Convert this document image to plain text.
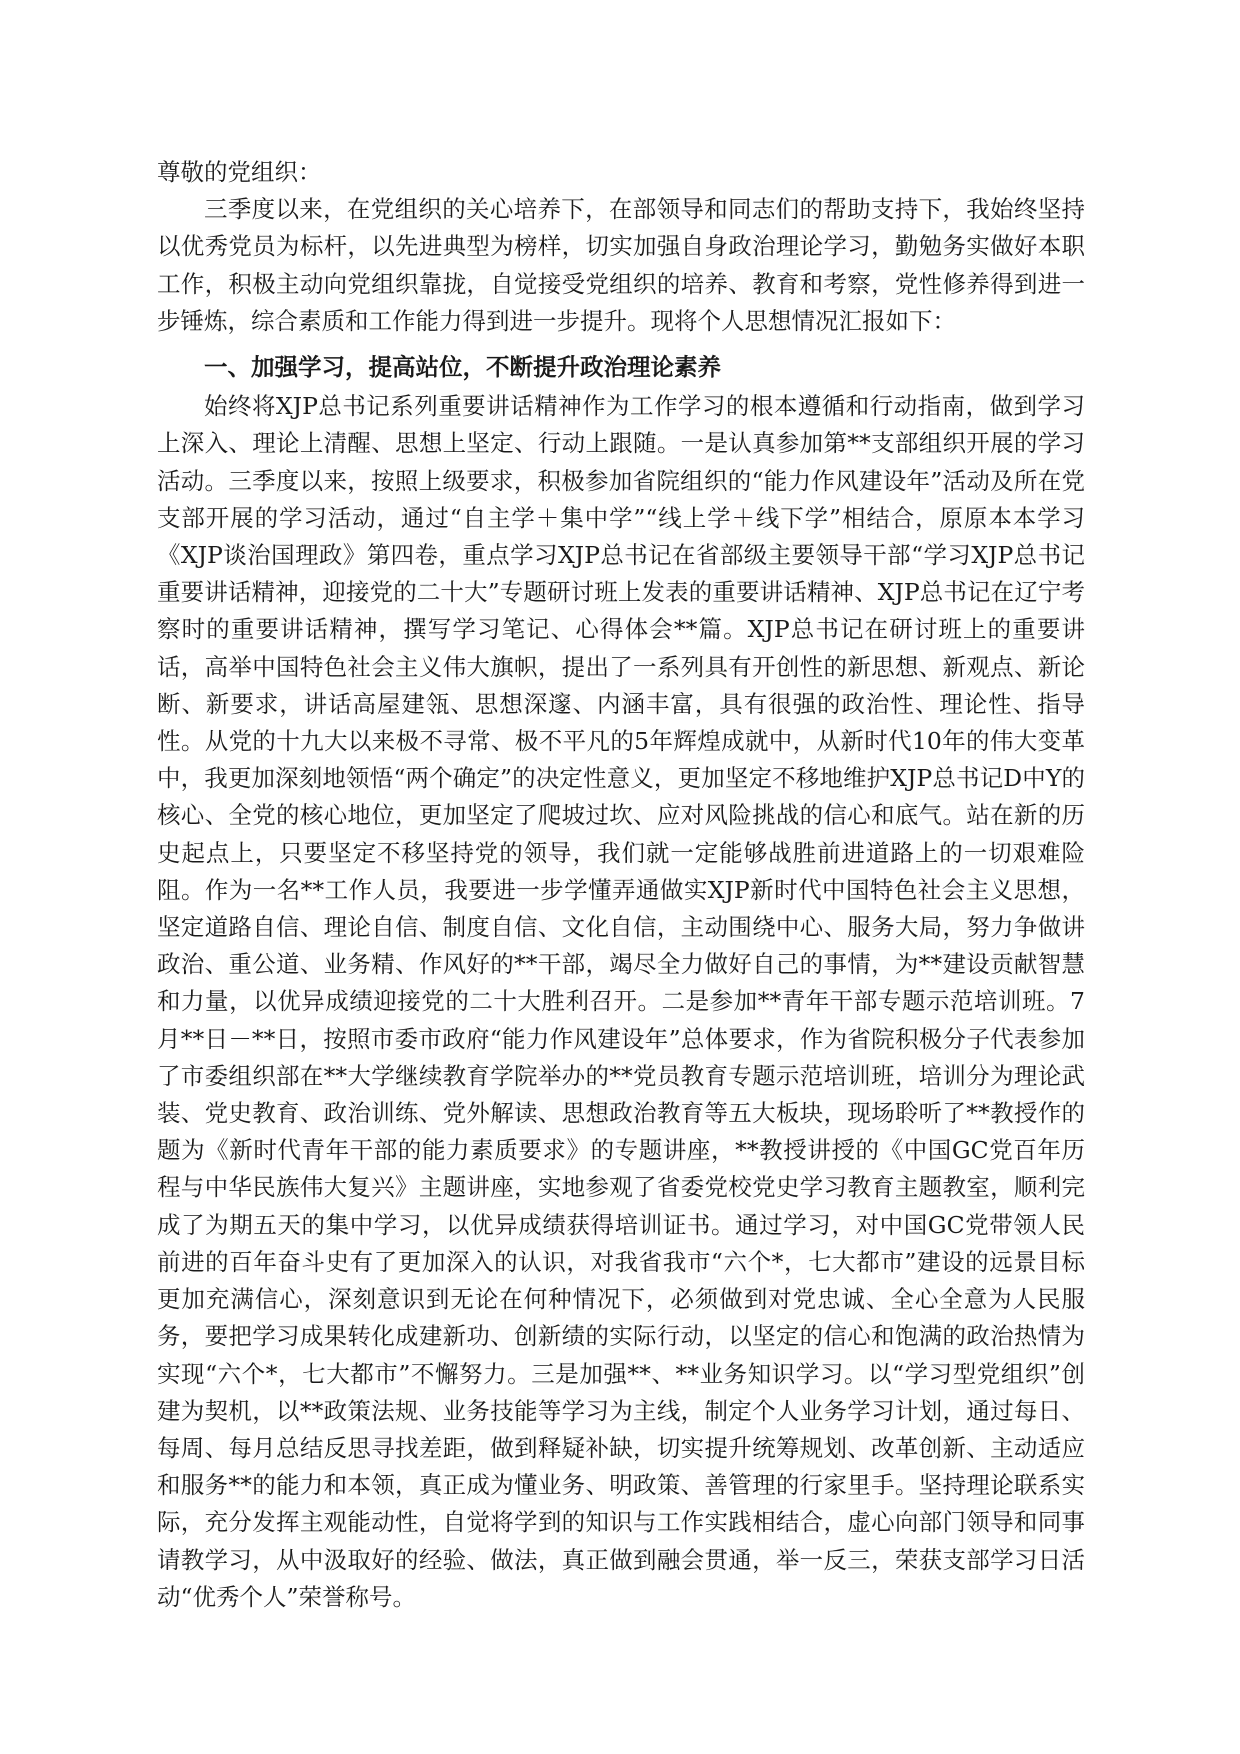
尊敬的党组织：

三季度以来，在党组织的关心培养下，在部领导和同志们的帮助支持下，我始终坚持以优秀党员为标杆，以先进典型为榜样，切实加强自身政治理论学习，勤勉务实做好本职工作，积极主动向党组织靠拢，自觉接受党组织的培养、教育和考察，党性修养得到进一步锤炼，综合素质和工作能力得到进一步提升。现将个人思想情况汇报如下：

一、加强学习，提高站位，不断提升政治理论素养

始终将XJP总书记系列重要讲话精神作为工作学习的根本遵循和行动指南，做到学习上深入、理论上清醒、思想上坚定、行动上跟随。一是认真参加第**支部组织开展的学习活动。三季度以来，按照上级要求，积极参加省院组织的“能力作风建设年”活动及所在党支部开展的学习活动，通过“自主学＋集中学”“线上学＋线下学”相结合，原原本本学习《XJP谈治国理政》第四卷，重点学习XJP总书记在省部级主要领导干部“学习XJP总书记重要讲话精神，迎接党的二十大”专题研讨班上发表的重要讲话精神、XJP总书记在辽宁考察时的重要讲话精神，撰写学习笔记、心得体会**篇。XJP总书记在研讨班上的重要讲话，高举中国特色社会主义伟大旗帜，提出了一系列具有开创性的新思想、新观点、新论断、新要求，讲话高屋建瓴、思想深邃、内涵丰富，具有很强的政治性、理论性、指导性。从党的十九大以来极不寻常、极不平凡的5年辉煌成就中，从新时代10年的伟大变革中，我更加深刻地领悟“两个确定”的决定性意义，更加坚定不移地维护XJP总书记D中Y的核心、全党的核心地位，更加坚定了爬坡过坎、应对风险挑战的信心和底气。站在新的历史起点上，只要坚定不移坚持党的领导，我们就一定能够战胜前进道路上的一切艰难险阻。作为一名**工作人员，我要进一步学懂弄通做实XJP新时代中国特色社会主义思想，坚定道路自信、理论自信、制度自信、文化自信，主动围绕中心、服务大局，努力争做讲政治、重公道、业务精、作风好的**干部，竭尽全力做好自己的事情，为**建设贡献智慧和力量，以优异成绩迎接党的二十大胜利召开。二是参加**青年干部专题示范培训班。7月**日－**日，按照市委市政府“能力作风建设年”总体要求，作为省院积极分子代表参加了市委组织部在**大学继续教育学院举办的**党员教育专题示范培训班，培训分为理论武装、党史教育、政治训练、党外解读、思想政治教育等五大板块，现场聆听了**教授作的题为《新时代青年干部的能力素质要求》的专题讲座，**教授讲授的《中国GC党百年历程与中华民族伟大复兴》主题讲座，实地参观了省委党校党史学习教育主题教室，顺利完成了为期五天的集中学习，以优异成绩获得培训证书。通过学习，对中国GC党带领人民前进的百年奋斗史有了更加深入的认识，对我省我市“六个*，七大都市”建设的远景目标更加充满信心，深刻意识到无论在何种情况下，必须做到对党忠诚、全心全意为人民服务，要把学习成果转化成建新功、创新绩的实际行动，以坚定的信心和饱满的政治热情为实现“六个*，七大都市”不懈努力。三是加强**、**业务知识学习。以“学习型党组织”创建为契机，以**政策法规、业务技能等学习为主线，制定个人业务学习计划，通过每日、每周、每月总结反思寻找差距，做到释疑补缺，切实提升统筹规划、改革创新、主动适应和服务**的能力和本领，真正成为懂业务、明政策、善管理的行家里手。坚持理论联系实际，充分发挥主观能动性，自觉将学到的知识与工作实践相结合，虚心向部门领导和同事请教学习，从中汲取好的经验、做法，真正做到融会贯通，举一反三，荣获支部学习日活动“优秀个人”荣誉称号。
